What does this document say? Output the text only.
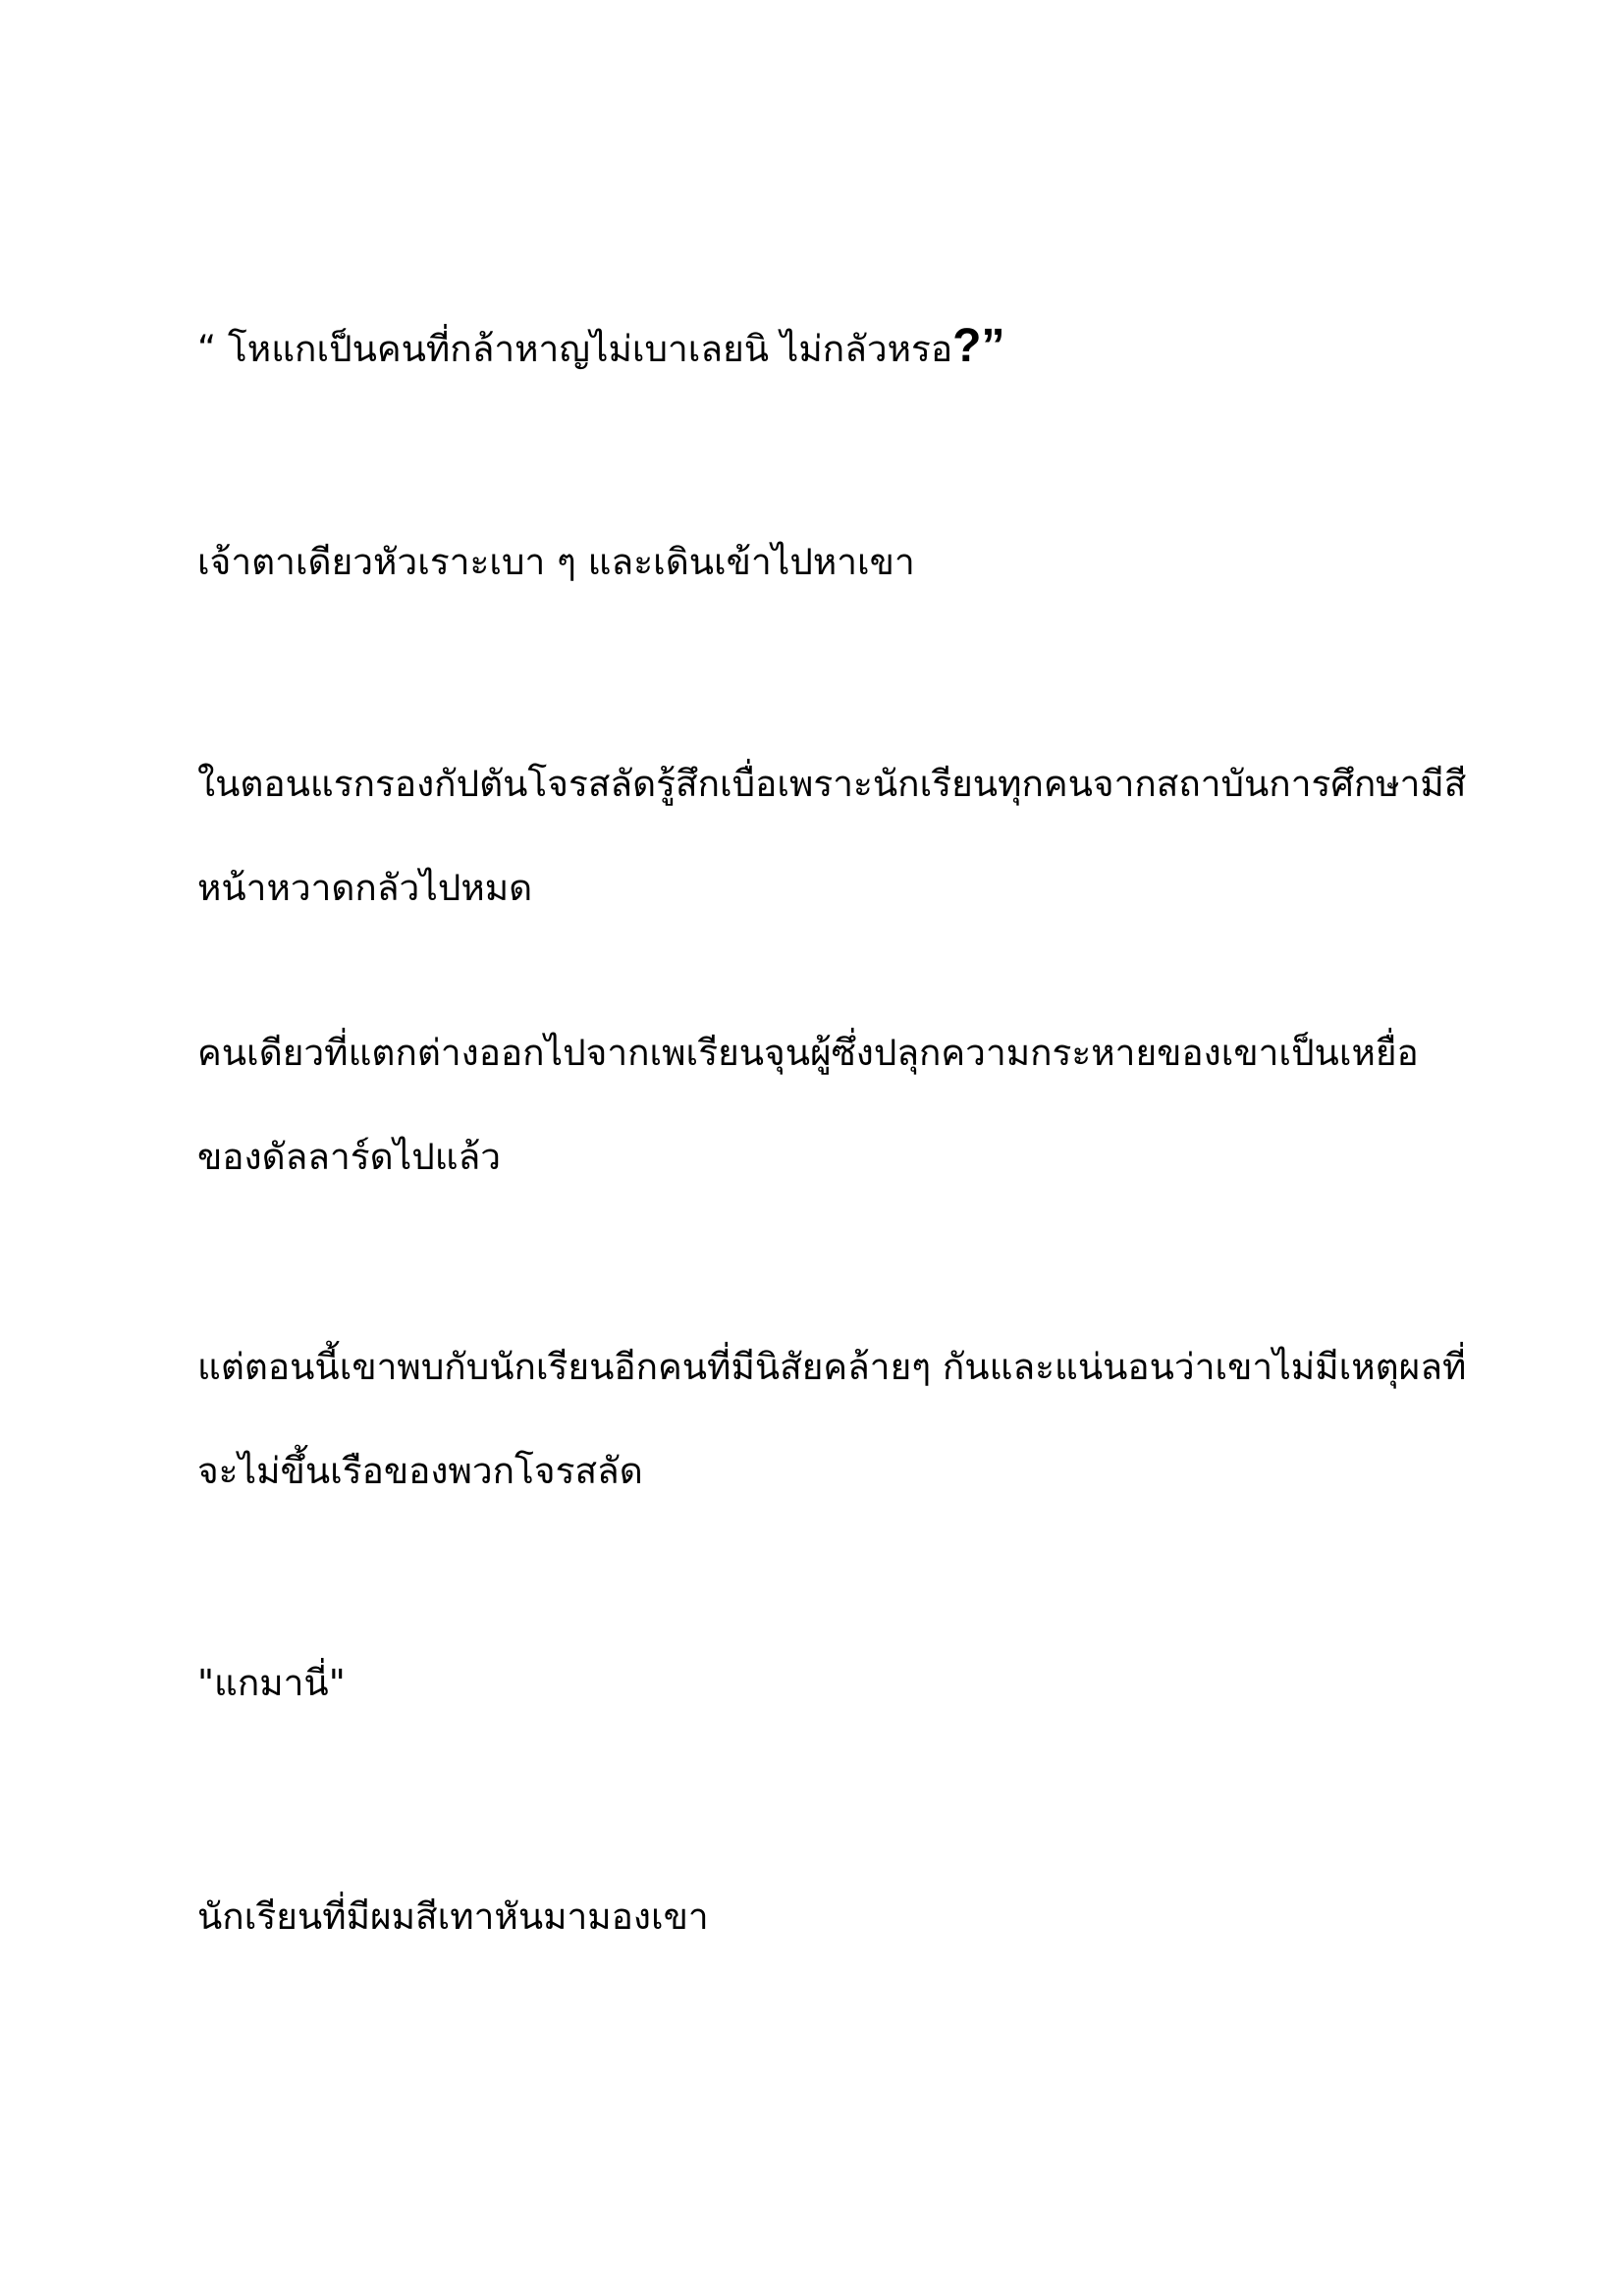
“ โหแกเป็นคนที่กล้าหาญไม่เบาเลยนิ ไม่กลัวหรอ?”

เจ้าตาเดียวหัวเราะเบา ๆ และเดินเข้าไปหาเขา

ในตอนแรกรองกัปตันโจรสลัดรู้สึกเบื่อเพราะนักเรียนทุกคนจากสถาบันการศึกษามีสี
หน้าหวาดกลัวไปหมด

คนเดียวที่แตกต่างออกไปจากเพเรียนจุนผู้ซึ่งปลุกความกระหายของเขาเป็นเหยื่อ
ของดัลลาร์ดไปแล้ว

แต่ตอนนี้เขาพบกับนักเรียนอีกคนที่มีนิสัยคล้ายๆ กันและแน่นอนว่าเขาไม่มีเหตุผลที่
จะไม่ขึ้นเรือของพวกโจรสลัด

"แกมานี่"

นักเรียนที่มีผมสีเทาหันมามองเขา
